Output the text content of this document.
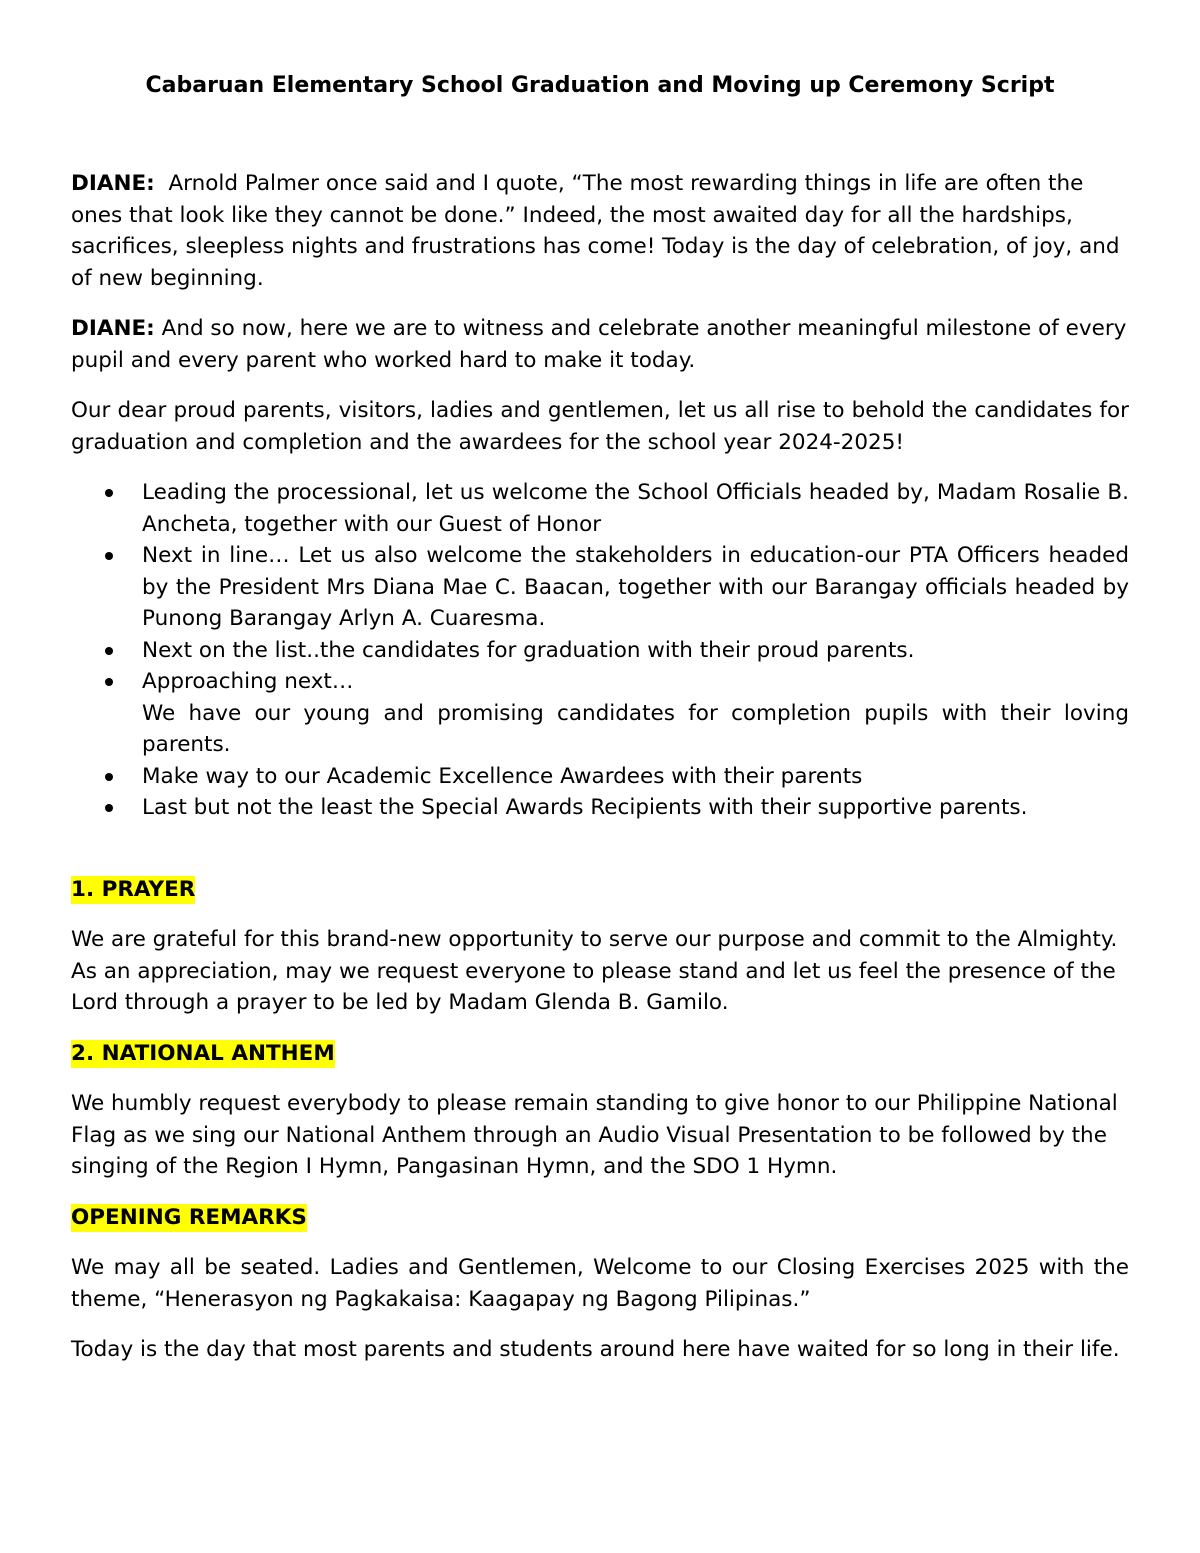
Cabaruan Elementary School Graduation and Moving up Ceremony Script

DIANE: Arnold Palmer once said and I quote, “The most rewarding things in life are often the ones that look like they cannot be done.” Indeed, the most awaited day for all the hardships, sacrifices, sleepless nights and frustrations has come! Today is the day of celebration, of joy, and of new beginning.

DIANE: And so now, here we are to witness and celebrate another meaningful milestone of every pupil and every parent who worked hard to make it today.

Our dear proud parents, visitors, ladies and gentlemen, let us all rise to behold the candidates for graduation and completion and the awardees for the school year 2024-2025!

Leading the processional, let us welcome the School Officials headed by, Madam Rosalie B. Ancheta, together with our Guest of Honor
Next in line… Let us also welcome the stakeholders in education-our PTA Officers headed by the President Mrs Diana Mae C. Baacan, together with our Barangay officials headed by Punong Barangay Arlyn A. Cuaresma.
Next on the list..the candidates for graduation with their proud parents.
Approaching next…
We have our young and promising candidates for completion pupils with their loving parents.
Make way to our Academic Excellence Awardees with their parents
Last but not the least the Special Awards Recipients with their supportive parents.

1. PRAYER

We are grateful for this brand-new opportunity to serve our purpose and commit to the Almighty. As an appreciation, may we request everyone to please stand and let us feel the presence of the Lord through a prayer to be led by Madam Glenda B. Gamilo.

2. NATIONAL ANTHEM

We humbly request everybody to please remain standing to give honor to our Philippine National Flag as we sing our National Anthem through an Audio Visual Presentation to be followed by the singing of the Region I Hymn, Pangasinan Hymn, and the SDO 1 Hymn.

OPENING REMARKS

We may all be seated. Ladies and Gentlemen, Welcome to our Closing Exercises 2025 with the theme, “Henerasyon ng Pagkakaisa: Kaagapay ng Bagong Pilipinas.”

Today is the day that most parents and students around here have waited for so long in their life.
